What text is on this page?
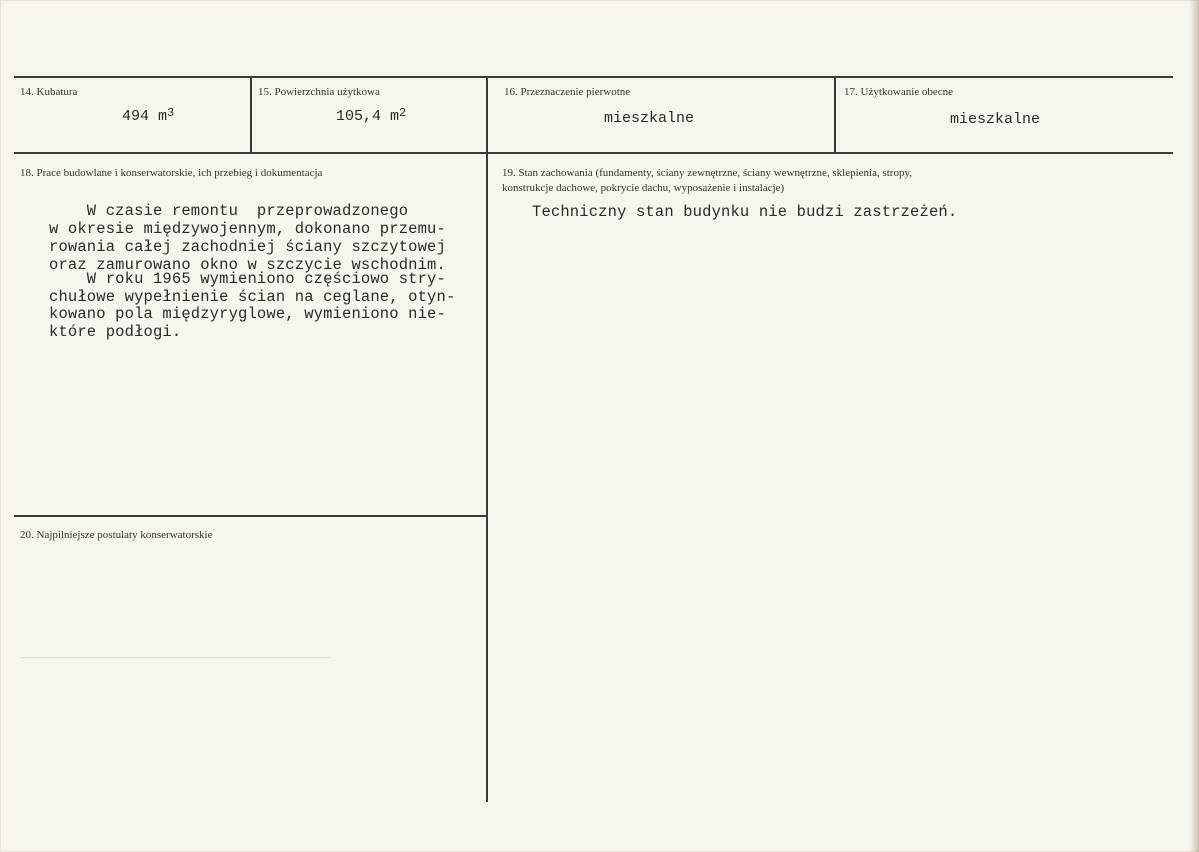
14. Kubatura
494 $m^3$
15. Powierzchnia użytkowa
105,4 $m^2$
16. Przeznaczenie pierwotne
mieszkalne
17. Użytkowanie obecne
mieszkalne
18. Prace budowlane i konserwatorskie, ich przebieg i dokumentacja
W czasie remontu  przeprowadzonego
w okresie międzywojennym, dokonano przemu-
rowania całej zachodniej ściany szczytowej
oraz zamurowano okno w szczycie wschodnim.
W roku 1965 wymieniono częściowo stry-
chułowe wypełnienie ścian na ceglane, otyn-
kowano pola międzyryglowe, wymieniono nie-
które podłogi.
19. Stan zachowania (fundamenty, ściany zewnętrzne, ściany wewnętrzne, sklepienia, stropy,
konstrukcje dachowe, pokrycie dachu, wyposażenie i instalacje)
Techniczny stan budynku nie budzi zastrzeżeń.
20. Najpilniejsze postulaty konserwatorskie
